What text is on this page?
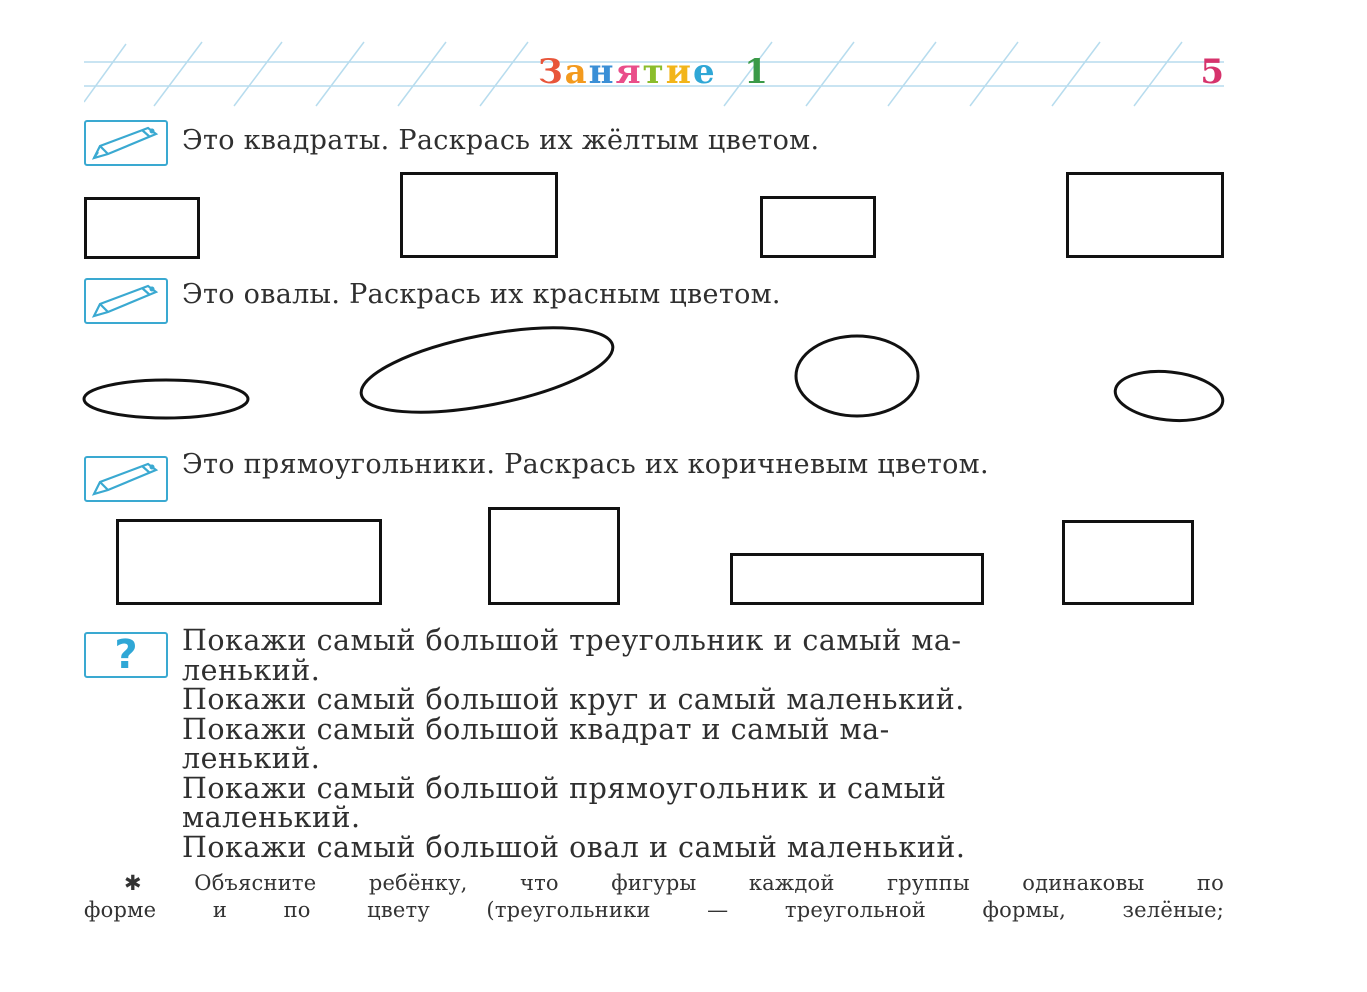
Занятие 1	5
Это квадраты. Раскрась их жёлтым цветом.
Это овалы. Раскрась их красным цветом.
Это прямоугольники. Раскрась их коричневым цветом.
?	Покажи самый большой треугольник и самый ма-
ленький.

Покажи самый большой круг и самый маленький.

Покажи самый большой квадрат и самый ма-
ленький.

Покажи самый большой прямоугольник и самый
маленький.

Покажи самый большой овал и самый маленький.

✱ Объясните ребёнку, что фигуры каждой группы одинаковы по
форме и по цвету (треугольники — треугольной формы, зелёные;
